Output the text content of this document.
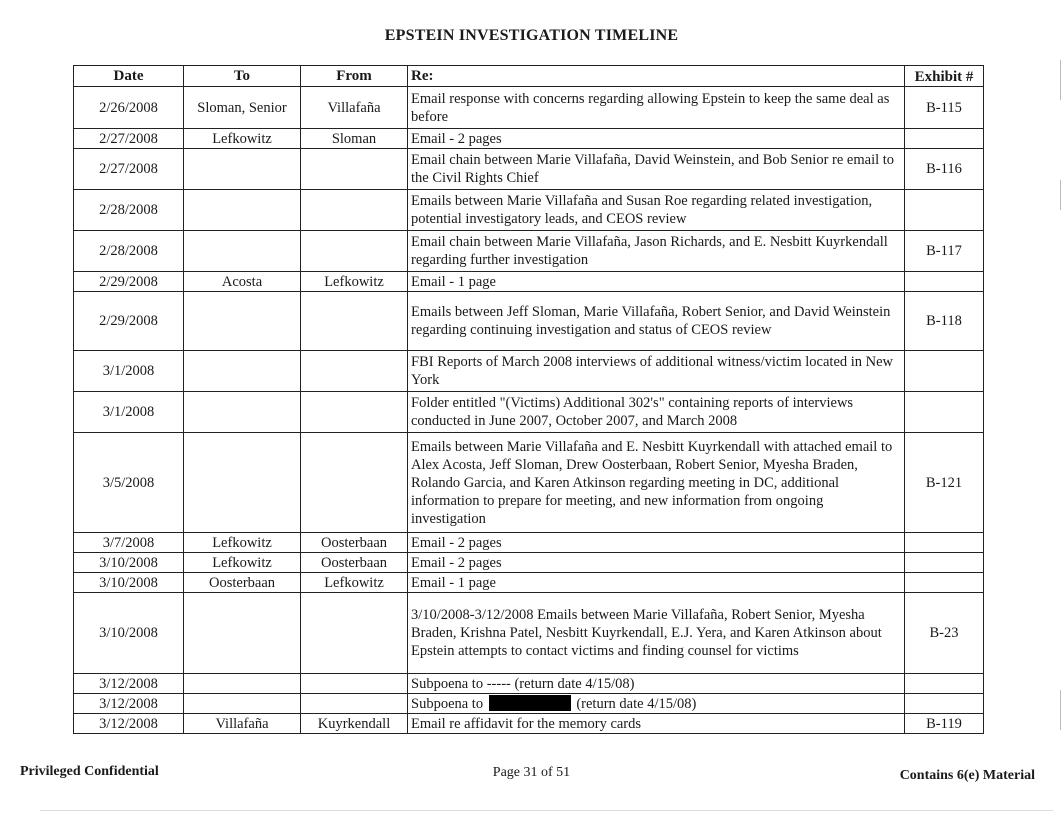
EPSTEIN INVESTIGATION TIMELINE
Date	To	From	Re:	Exhibit #
2/26/2008	Sloman, Senior	Villafaña	Email response with concerns regarding allowing Epstein to keep the same deal as before	B-115
2/27/2008	Lefkowitz	Sloman	Email - 2 pages	
2/27/2008			Email chain between Marie Villafaña, David Weinstein, and Bob Senior re email to the Civil Rights Chief	B-116
2/28/2008			Emails between Marie Villafaña and Susan Roe regarding related investigation, potential investigatory leads, and CEOS review	
2/28/2008			Email chain between Marie Villafaña, Jason Richards, and E. Nesbitt Kuyrkendall regarding further investigation	B-117
2/29/2008	Acosta	Lefkowitz	Email - 1 page	
2/29/2008			Emails between Jeff Sloman, Marie Villafaña, Robert Senior, and David Weinstein regarding continuing investigation and status of CEOS review	B-118
3/1/2008			FBI Reports of March 2008 interviews of additional witness/victim located in New York	
3/1/2008			Folder entitled "(Victims) Additional 302's" containing reports of interviews conducted in June 2007, October 2007, and March 2008	
3/5/2008			Emails between Marie Villafaña and E. Nesbitt Kuyrkendall with attached email to Alex Acosta, Jeff Sloman, Drew Oosterbaan, Robert Senior, Myesha Braden, Rolando Garcia, and Karen Atkinson regarding meeting in DC, additional information to prepare for meeting, and new information from ongoing investigation	B-121
3/7/2008	Lefkowitz	Oosterbaan	Email - 2 pages	
3/10/2008	Lefkowitz	Oosterbaan	Email - 2 pages	
3/10/2008	Oosterbaan	Lefkowitz	Email - 1 page	
3/10/2008			3/10/2008-3/12/2008 Emails between Marie Villafaña, Robert Senior, Myesha Braden, Krishna Patel, Nesbitt Kuyrkendall, E.J. Yera, and Karen Atkinson about Epstein attempts to contact victims and finding counsel for victims	B-23
3/12/2008			Subpoena to ----- (return date 4/15/08)	
3/12/2008			Subpoena to (return date 4/15/08)	
3/12/2008	Villafaña	Kuyrkendall	Email re affidavit for the memory cards	B-119
Privileged Confidential	Page 31 of 51	Contains 6(e) Material
